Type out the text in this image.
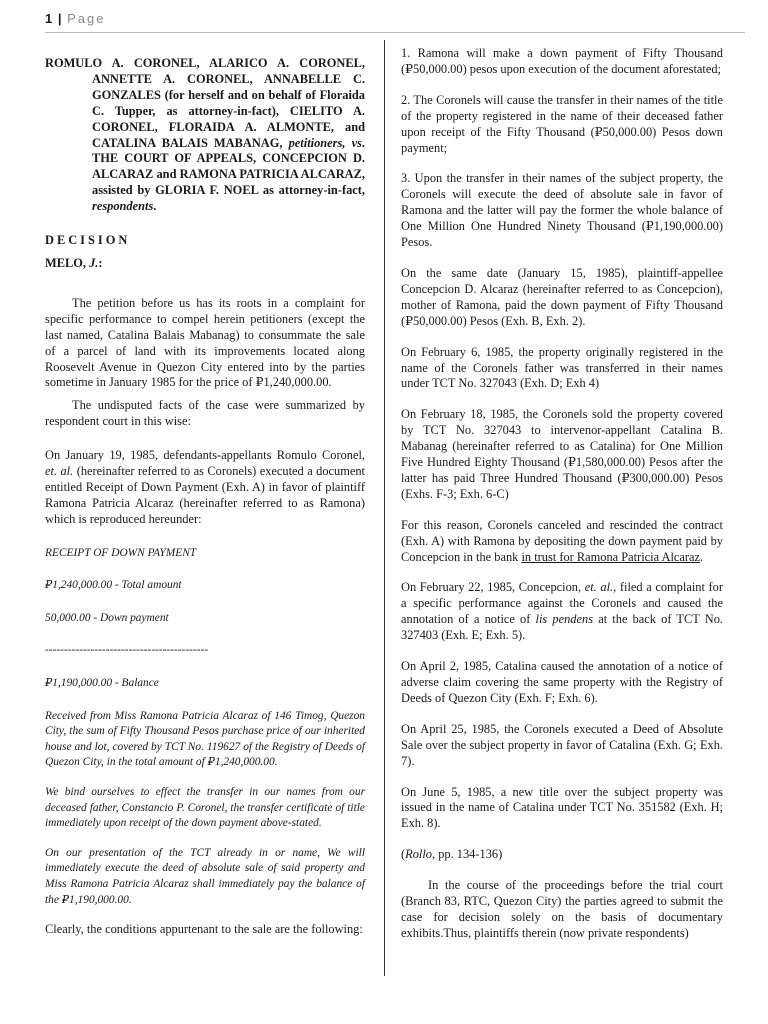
1 | Page

ROMULO A. CORONEL, ALARICO A. CORONEL, ANNETTE A. CORONEL, ANNABELLE C. GONZALES (for herself and on behalf of Floraida C. Tupper, as attorney-in-fact), CIELITO A. CORONEL, FLORAIDA A. ALMONTE, and CATALINA BALAIS MABANAG, petitioners, vs. THE COURT OF APPEALS, CONCEPCION D. ALCARAZ and RAMONA PATRICIA ALCARAZ, assisted by GLORIA F. NOEL as attorney-in-fact, respondents.

DECISION

MELO, J.:

The petition before us has its roots in a complaint for specific performance to compel herein petitioners (except the last named, Catalina Balais Mabanag) to consummate the sale of a parcel of land with its improvements located along Roosevelt Avenue in Quezon City entered into by the parties sometime in January 1985 for the price of ₽1,240,000.00.

The undisputed facts of the case were summarized by respondent court in this wise:

On January 19, 1985, defendants-appellants Romulo Coronel, et. al. (hereinafter referred to as Coronels) executed a document entitled Receipt of Down Payment (Exh. A) in favor of plaintiff Ramona Patricia Alcaraz (hereinafter referred to as Ramona) which is reproduced hereunder:

RECEIPT OF DOWN PAYMENT

₽1,240,000.00 - Total amount

50,000.00 - Down payment

-------------------------------------------

₽1,190,000.00 - Balance

Received from Miss Ramona Patricia Alcaraz of 146 Timog, Quezon City, the sum of Fifty Thousand Pesos purchase price of our inherited house and lot, covered by TCT No. 119627 of the Registry of Deeds of Quezon City, in the total amount of ₽1,240,000.00.

We bind ourselves to effect the transfer in our names from our deceased father, Constancio P. Coronel, the transfer certificate of title immediately upon receipt of the down payment above-stated.

On our presentation of the TCT already in or name, We will immediately execute the deed of absolute sale of said property and Miss Ramona Patricia Alcaraz shall immediately pay the balance of the ₽1,190,000.00.

Clearly, the conditions appurtenant to the sale are the following:

1. Ramona will make a down payment of Fifty Thousand (₽50,000.00) pesos upon execution of the document aforestated;

2. The Coronels will cause the transfer in their names of the title of the property registered in the name of their deceased father upon receipt of the Fifty Thousand (₽50,000.00) Pesos down payment;

3. Upon the transfer in their names of the subject property, the Coronels will execute the deed of absolute sale in favor of Ramona and the latter will pay the former the whole balance of One Million One Hundred Ninety Thousand (₽1,190,000.00) Pesos.

On the same date (January 15, 1985), plaintiff-appellee Concepcion D. Alcaraz (hereinafter referred to as Concepcion), mother of Ramona, paid the down payment of Fifty Thousand (₽50,000.00) Pesos (Exh. B, Exh. 2).

On February 6, 1985, the property originally registered in the name of the Coronels father was transferred in their names under TCT No. 327043 (Exh. D; Exh 4)

On February 18, 1985, the Coronels sold the property covered by TCT No. 327043 to intervenor-appellant Catalina B. Mabanag (hereinafter referred to as Catalina) for One Million Five Hundred Eighty Thousand (₽1,580,000.00) Pesos after the latter has paid Three Hundred Thousand (₽300,000.00) Pesos (Exhs. F-3; Exh. 6-C)

For this reason, Coronels canceled and rescinded the contract (Exh. A) with Ramona by depositing the down payment paid by Concepcion in the bank in trust for Ramona Patricia Alcaraz.

On February 22, 1985, Concepcion, et. al., filed a complaint for a specific performance against the Coronels and caused the annotation of a notice of lis pendens at the back of TCT No. 327403 (Exh. E; Exh. 5).

On April 2, 1985, Catalina caused the annotation of a notice of adverse claim covering the same property with the Registry of Deeds of Quezon City (Exh. F; Exh. 6).

On April 25, 1985, the Coronels executed a Deed of Absolute Sale over the subject property in favor of Catalina (Exh. G; Exh. 7).

On June 5, 1985, a new title over the subject property was issued in the name of Catalina under TCT No. 351582 (Exh. H; Exh. 8).

(Rollo, pp. 134-136)

In the course of the proceedings before the trial court (Branch 83, RTC, Quezon City) the parties agreed to submit the case for decision solely on the basis of documentary exhibits.Thus, plaintiffs therein (now private respondents)
